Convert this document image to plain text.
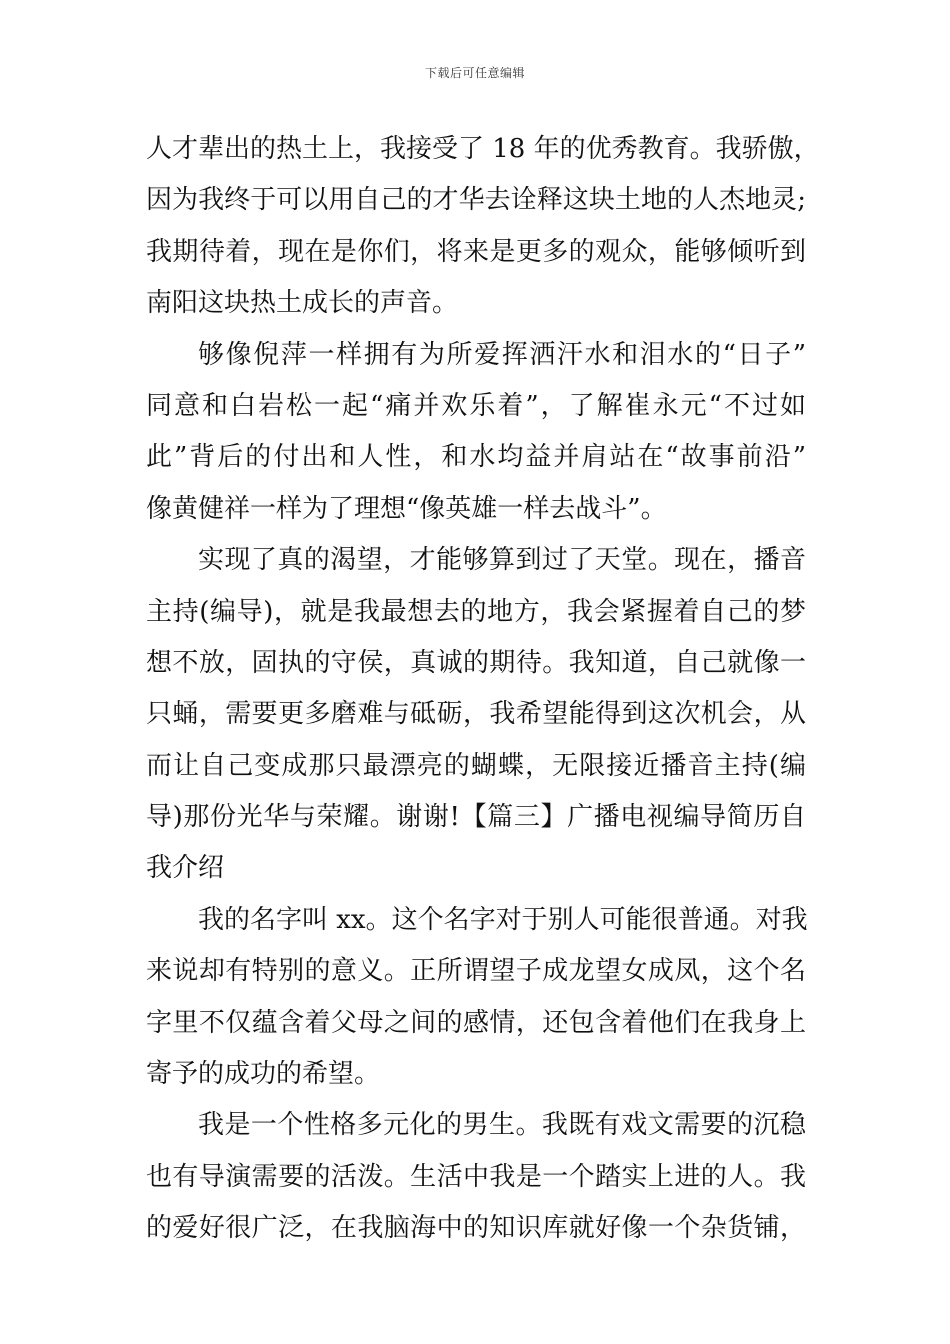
下载后可任意编辑
人才辈出的热土上，我接受了 18 年的优秀教育。我骄傲，
因为我终于可以用自己的才华去诠释这块土地的人杰地灵;
我期待着，现在是你们，将来是更多的观众，能够倾听到
南阳这块热土成长的声音。
够像倪萍一样拥有为所爱挥洒汗水和泪水的“日子”
同意和白岩松一起“痛并欢乐着”，了解崔永元“不过如
此”背后的付出和人性，和水均益并肩站在“故事前沿”
像黄健祥一样为了理想“像英雄一样去战斗”。
实现了真的渴望，才能够算到过了天堂。现在，播音
主持(编导)，就是我最想去的地方，我会紧握着自己的梦
想不放，固执的守侯，真诚的期待。我知道，自己就像一
只蛹，需要更多磨难与砥砺，我希望能得到这次机会，从
而让自己变成那只最漂亮的蝴蝶，无限接近播音主持(编
导)那份光华与荣耀。谢谢!【篇三】广播电视编导简历自
我介绍
我的名字叫 xx。这个名字对于别人可能很普通。对我
来说却有特别的意义。正所谓望子成龙望女成凤，这个名
字里不仅蕴含着父母之间的感情，还包含着他们在我身上
寄予的成功的希望。
我是一个性格多元化的男生。我既有戏文需要的沉稳
也有导演需要的活泼。生活中我是一个踏实上进的人。我
的爱好很广泛，在我脑海中的知识库就好像一个杂货铺，
